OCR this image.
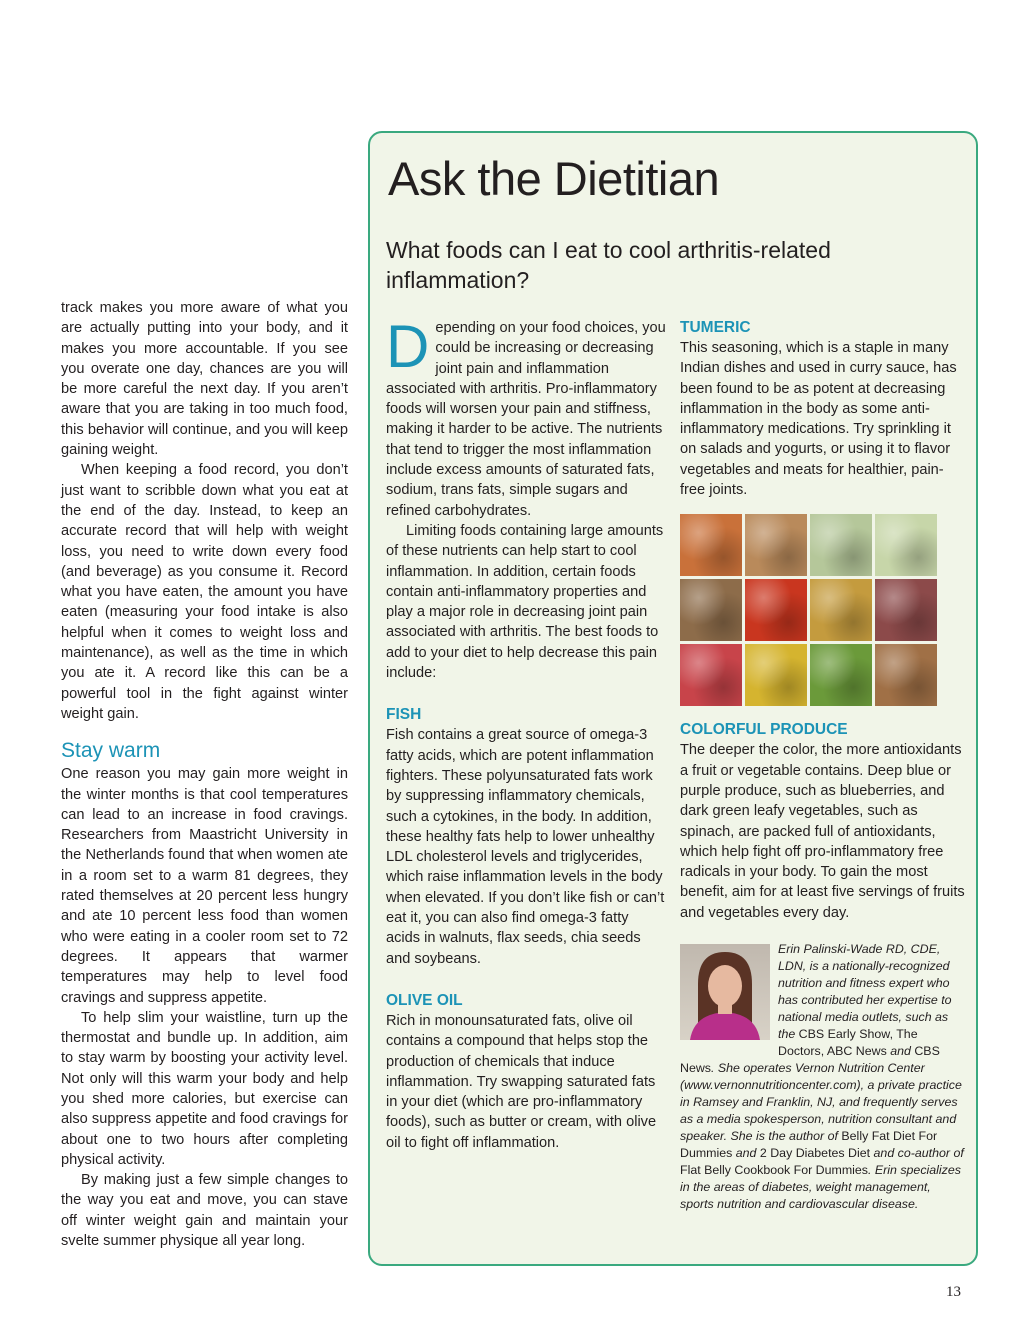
track makes you more aware of what you are actually putting into your body, and it makes you more accountable. If you see you overate one day, chances are you will be more careful the next day. If you aren’t aware that you are taking in too much food, this behavior will continue, and you will keep gaining weight.

When keeping a food record, you don’t just want to scribble down what you eat at the end of the day. Instead, to keep an accurate record that will help with weight loss, you need to write down every food (and beverage) as you consume it. Record what you have eaten, the amount you have eaten (measuring your food intake is also helpful when it comes to weight loss and maintenance), as well as the time in which you ate it. A record like this can be a powerful tool in the fight against winter weight gain.

Stay warm

One reason you may gain more weight in the winter months is that cool temperatures can lead to an increase in food cravings. Researchers from Maastricht University in the Netherlands found that when women ate in a room set to a warm 81 degrees, they rated themselves at 20 percent less hungry and ate 10 percent less food than women who were eating in a cooler room set to 72 degrees. It appears that warmer temperatures may help to level food cravings and suppress appetite.

To help slim your waistline, turn up the thermostat and bundle up. In addition, aim to stay warm by boosting your activity level. Not only will this warm your body and help you shed more calories, but exercise can also suppress appetite and food cravings for about one to two hours after completing physical activity.

By making just a few simple changes to the way you eat and move, you can stave off winter weight gain and maintain your svelte summer physique all year long.

Ask the Dietitian
What foods can I eat to cool arthritis-related inflammation?

Depending on your food choices, you could be increasing or decreasing joint pain and inflammation associated with arthritis. Pro-inflammatory foods will worsen your pain and stiffness, making it harder to be active. The nutrients that tend to trigger the most inflammation include excess amounts of saturated fats, sodium, trans fats, simple sugars and refined carbohydrates.

Limiting foods containing large amounts of these nutrients can help start to cool inflammation. In addition, certain foods contain anti-inflammatory properties and play a major role in decreasing joint pain associated with arthritis. The best foods to add to your diet to help decrease this pain include:

FISH

Fish contains a great source of omega-3 fatty acids, which are potent inflammation fighters. These polyunsaturated fats work by suppressing inflammatory chemicals, such a cytokines, in the body. In addition, these healthy fats help to lower unhealthy LDL cholesterol levels and triglycerides, which raise inflammation levels in the body when elevated. If you don’t like fish or can’t eat it, you can also find omega-3 fatty acids in walnuts, flax seeds, chia seeds and soybeans.

OLIVE OIL

Rich in monounsaturated fats, olive oil contains a compound that helps stop the production of chemicals that induce inflammation. Try swapping saturated fats in your diet (which are pro-inflammatory foods), such as butter or cream, with olive oil to fight off inflammation.

TUMERIC

This seasoning, which is a staple in many Indian dishes and used in curry sauce, has been found to be as potent at decreasing inflammation in the body as some anti-inflammatory medications. Try sprinkling it on salads and yogurts, or using it to flavor vegetables and meats for healthier, pain-free joints.

COLORFUL PRODUCE

The deeper the color, the more antioxidants a fruit or vegetable contains. Deep blue or purple produce, such as blueberries, and dark green leafy vegetables, such as spinach, are packed full of antioxidants, which help fight off pro-inflammatory free radicals in your body. To gain the most benefit, aim for at least five servings of fruits and vegetables every day.

Erin Palinski-Wade RD, CDE, LDN, is a nationally-recognized nutrition and fitness expert who has contributed her expertise to national media outlets, such as the CBS Early Show, The Doctors, ABC News and CBS News. She operates Vernon Nutrition Center (www.vernonnutritioncenter.com), a private practice in Ramsey and Franklin, NJ, and frequently serves as a media spokesperson, nutrition consultant and speaker. She is the author of Belly Fat Diet For Dummies and 2 Day Diabetes Diet and co-author of Flat Belly Cookbook For Dummies. Erin specializes in the areas of diabetes, weight management, sports nutrition and cardiovascular disease.
13
